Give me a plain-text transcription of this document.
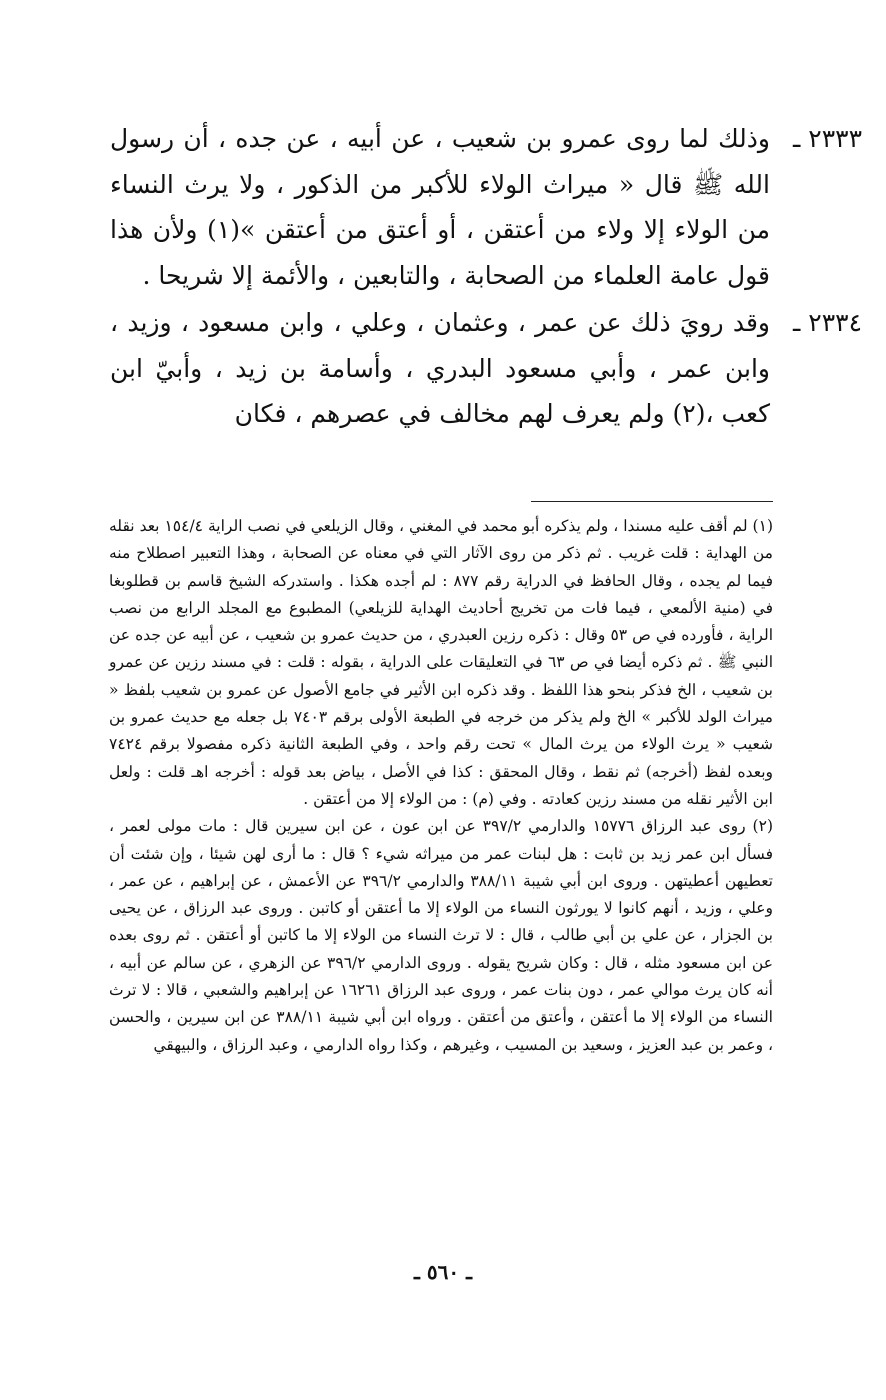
٢٣٣٣ ـ
وذلك لما روى عمرو بن شعيب ، عن أبيه ، عن جده ، أن رسول الله ﷺ قال « ميراث الولاء للأكبر من الذكور ، ولا يرث النساء من الولاء إلا ولاء من أعتقن ، أو أعتق من أعتقن »(١) ولأن هذا قول عامة العلماء من الصحابة ، والتابعين ، والأئمة إلا شريحا .
٢٣٣٤ ـ
وقد رويَ ذلك عن عمر ، وعثمان ، وعلي ، وابن مسعود ، وزيد ، وابن عمر ، وأبي مسعود البدري ، وأسامة بن زيد ، وأبيّ ابن كعب ،(٢) ولم يعرف لهم مخالف في عصرهم ، فكان
(١) لم أقف عليه مسندا ، ولم يذكره أبو محمد في المغني ، وقال الزيلعي في نصب الراية ١٥٤/٤ بعد نقله من الهداية : قلت غريب . ثم ذكر من روى الآثار التي في معناه عن الصحابة ، وهذا التعبير اصطلاح منه فيما لم يجده ، وقال الحافظ في الدراية رقم ٨٧٧ : لم أجده هكذا . واستدركه الشيخ قاسم بن قطلوبغا في (منية الألمعي ، فيما فات من تخريج أحاديث الهداية للزيلعي) المطبوع مع المجلد الرابع من نصب الراية ، فأورده في ص ٥٣ وقال : ذكره رزين العبدري ، من حديث عمرو بن شعيب ، عن أبيه عن جده عن النبي ﷺ . ثم ذكره أيضا في ص ٦٣ في التعليقات على الدراية ، بقوله : قلت : في مسند رزين عن عمرو بن شعيب ، الخ فذكر بنحو هذا اللفظ . وقد ذكره ابن الأثير في جامع الأصول عن عمرو بن شعيب بلفظ « ميراث الولد للأكبر » الخ ولم يذكر من خرجه في الطبعة الأولى برقم ٧٤٠٣ بل جعله مع حديث عمرو بن شعيب « يرث الولاء من يرث المال » تحت رقم واحد ، وفي الطبعة الثانية ذكره مفصولا برقم ٧٤٢٤ وبعده لفظ (أخرجه) ثم نقط ، وقال المحقق : كذا في الأصل ، بياض بعد قوله : أخرجه اهـ قلت : ولعل ابن الأثير نقله من مسند رزين كعادته . وفي (م) : من الولاء إلا من أعتقن .
(٢) روى عبد الرزاق ١٥٧٧٦ والدارمي ٣٩٧/٢ عن ابن عون ، عن ابن سيرين قال : مات مولى لعمر ، فسأل ابن عمر زيد بن ثابت : هل لبنات عمر من ميراثه شيء ؟ قال : ما أرى لهن شيئا ، وإن شئت أن تعطيهن أعطيتهن . وروى ابن أبي شيبة ٣٨٨/١١ والدارمي ٣٩٦/٢ عن الأعمش ، عن إبراهيم ، عن عمر ، وعلي ، وزيد ، أنهم كانوا لا يورثون النساء من الولاء إلا ما أعتقن أو كاتبن . وروى عبد الرزاق ، عن يحيى بن الجزار ، عن علي بن أبي طالب ، قال : لا ترث النساء من الولاء إلا ما كاتبن أو أعتقن . ثم روى بعده عن ابن مسعود مثله ، قال : وكان شريح يقوله . وروى الدارمي ٣٩٦/٢ عن الزهري ، عن سالم عن أبيه ، أنه كان يرث موالي عمر ، دون بنات عمر ، وروى عبد الرزاق ١٦٢٦١ عن إبراهيم والشعبي ، قالا : لا ترث النساء من الولاء إلا ما أعتقن ، وأعتق من أعتقن . ورواه ابن أبي شيبة ٣٨٨/١١ عن ابن سيرين ، والحسن ، وعمر بن عبد العزيز ، وسعيد بن المسيب ، وغيرهم ، وكذا رواه الدارمي ، وعبد الرزاق ، والبيهقي
ـ ٥٦٠ ـ
